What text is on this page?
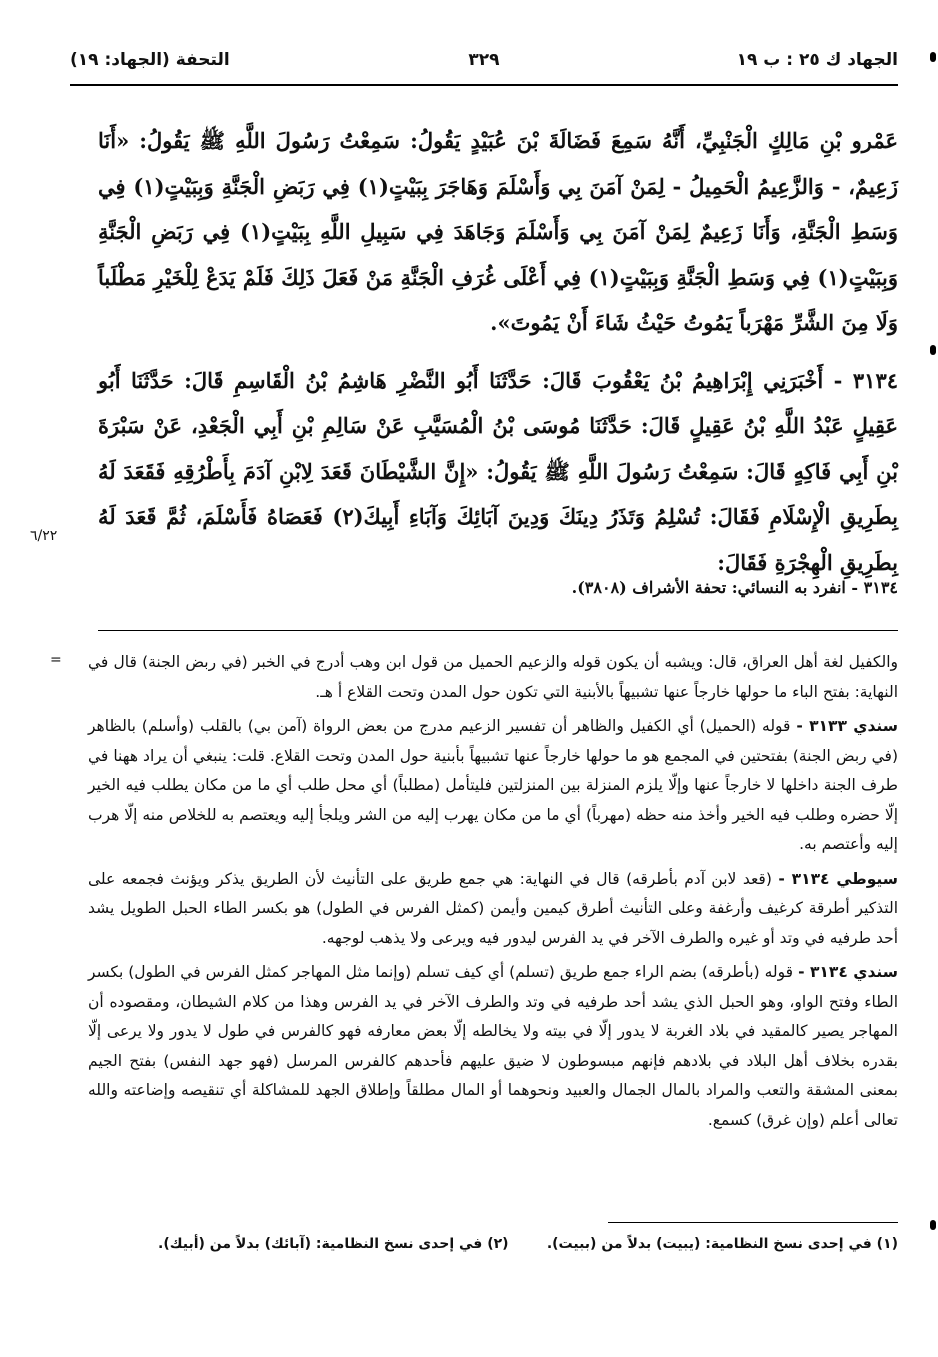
الجهاد ك ٢٥ : ب ١٩
٣٢٩
التحفة (الجهاد: ١٩)
عَمْرو بْنِ مَالِكٍ الْجَنْبِيِّ، أَنَّهُ سَمِعَ فَضَالَةَ بْنَ عُبَيْدٍ يَقُولُ: سَمِعْتُ رَسُولَ اللَّهِ ﷺ يَقُولُ: «أَنَا زَعِيمٌ، - وَالزَّعِيمُ الْحَمِيلُ - لِمَنْ آمَنَ بِي وَأَسْلَمَ وَهَاجَرَ بِبَيْتٍ(١) فِي رَبَضِ الْجَنَّةِ وَبِبَيْتٍ(١) فِي وَسَطِ الْجَنَّةِ، وَأَنَا زَعِيمٌ لِمَنْ آمَنَ بِي وَأَسْلَمَ وَجَاهَدَ فِي سَبِيلِ اللَّهِ بِبَيْتٍ(١) فِي رَبَضِ الْجَنَّةِ وَبِبَيْتٍ(١) فِي وَسَطِ الْجَنَّةِ وَبِبَيْتٍ(١) فِي أَعْلَى غُرَفِ الْجَنَّةِ مَنْ فَعَلَ ذَلِكَ فَلَمْ يَدَعْ لِلْخَيْرِ مَطْلَباً وَلَا مِنَ الشَّرِّ مَهْرَباً يَمُوتُ حَيْثُ شَاءَ أَنْ يَمُوتَ».
٣١٣٤ - أَخْبَرَنِي إِبْرَاهِيمُ بْنُ يَعْقُوبَ قَالَ: حَدَّثَنَا أَبُو النَّضْرِ هَاشِمُ بْنُ الْقَاسِمِ قَالَ: حَدَّثَنَا أَبُو عَقِيلٍ عَبْدُ اللَّهِ بْنُ عَقِيلٍ قَالَ: حَدَّثَنَا مُوسَى بْنُ الْمُسَيَّبِ عَنْ سَالِمِ بْنِ أَبِي الْجَعْدِ، عَنْ سَبْرَةَ بْنِ أَبِي فَاكِهٍ قَالَ: سَمِعْتُ رَسُولَ اللَّهِ ﷺ يَقُولُ: «إِنَّ الشَّيْطَانَ قَعَدَ لِابْنِ آدَمَ بِأَطْرُقِهِ فَقَعَدَ لَهُ بِطَرِيقِ الْإِسْلَامِ فَقَالَ: تُسْلِمُ وَتَذَرُ دِينَكَ وَدِينَ آبَائِكَ وَآبَاءِ أَبِيكَ(٢) فَعَصَاهُ فَأَسْلَمَ، ثُمَّ قَعَدَ لَهُ بِطَرِيقِ الْهِجْرَةِ فَقَالَ:
٦/٢٢
٣١٣٤ - انفرد به النسائي: تحفة الأشراف (٣٨٠٨).
= والكفيل لغة أهل العراق، قال: ويشبه أن يكون قوله والزعيم الحميل من قول ابن وهب أدرج في الخبر (في ربض الجنة) قال في النهاية: بفتح الباء ما حولها خارجاً عنها تشبيهاً بالأبنية التي تكون حول المدن وتحت القلاع أ هـ.

سندي ٣١٣٣ - قوله (الحميل) أي الكفيل والظاهر أن تفسير الزعيم مدرج من بعض الرواة (آمن بي) بالقلب (وأسلم) بالظاهر (في ربض الجنة) بفتحتين في المجمع هو ما حولها خارجاً عنها تشبيهاً بأبنية حول المدن وتحت القلاع. قلت: ينبغي أن يراد ههنا في طرف الجنة داخلها لا خارجاً عنها وإلّا يلزم المنزلة بين المنزلتين فليتأمل (مطلباً) أي محل طلب أي ما من مكان يطلب فيه الخير إلّا حضره وطلب فيه الخير وأخذ منه حظه (مهرباً) أي ما من مكان يهرب إليه من الشر ويلجأ إليه ويعتصم به للخلاص منه إلّا هرب إليه وأعتصم به.

سيوطي ٣١٣٤ - (قعد لابن آدم بأطرقه) قال في النهاية: هي جمع طريق على التأنيث لأن الطريق يذكر ويؤنث فجمعه على التذكير أطرقة كرغيف وأرغفة وعلى التأنيث أطرق كيمين وأيمن (كمثل الفرس في الطول) هو بكسر الطاء الحبل الطويل يشد أحد طرفيه في وتد أو غيره والطرف الآخر في يد الفرس ليدور فيه ويرعى ولا يذهب لوجهه.

سندي ٣١٣٤ - قوله (بأطرقه) بضم الراء جمع طريق (تسلم) أي كيف تسلم (وإنما مثل المهاجر كمثل الفرس في الطول) بكسر الطاء وفتح الواو، وهو الحبل الذي يشد أحد طرفيه في وتد والطرف الآخر في يد الفرس وهذا من كلام الشيطان، ومقصوده أن المهاجر يصير كالمقيد في بلاد الغربة لا يدور إلّا في بيته ولا يخالطه إلّا بعض معارفه فهو كالفرس في طول لا يدور ولا يرعى إلّا بقدره بخلاف أهل البلاد في بلادهم فإنهم مبسوطون لا ضيق عليهم فأحدهم كالفرس المرسل (فهو جهد النفس) بفتح الجيم بمعنى المشقة والتعب والمراد بالمال الجمال والعبيد ونحوهما أو المال مطلقاً وإطلاق الجهد للمشاكلة أي تنقيصه وإضاعته والله تعالى أعلم (وإن غرق) كسمع.

(١) في إحدى نسخ النظامية: (يبيت) بدلاً من (ببيت).
(٢) في إحدى نسخ النظامية: (آبائك) بدلاً من (أبيك).
